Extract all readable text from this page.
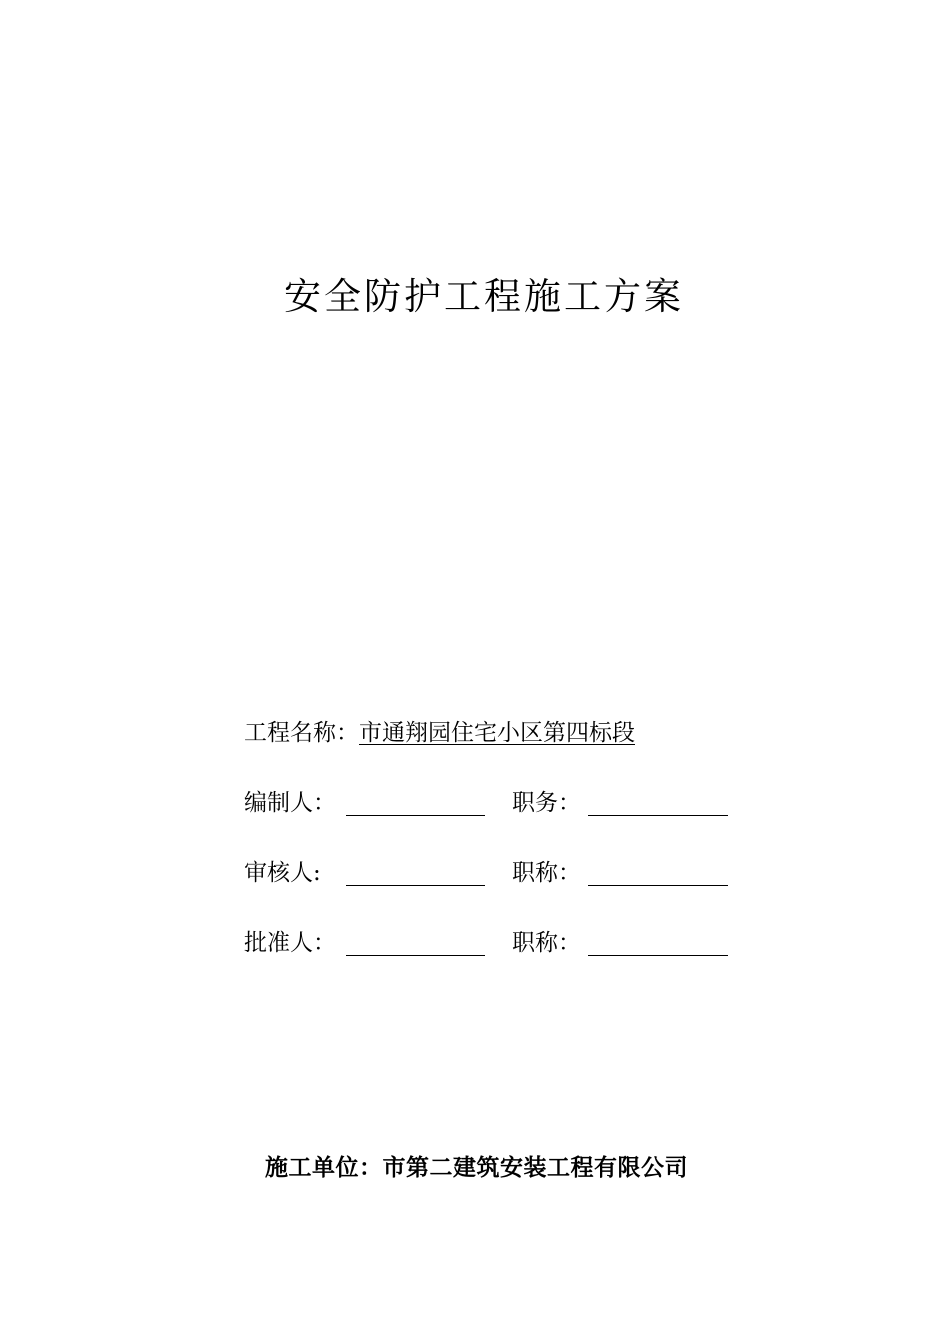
安全防护工程施工方案
工程名称：市通翔园住宅小区第四标段
编制人：	职务：
审核人:	职称：
批准人：	职称：
施工单位：市第二建筑安装工程有限公司
